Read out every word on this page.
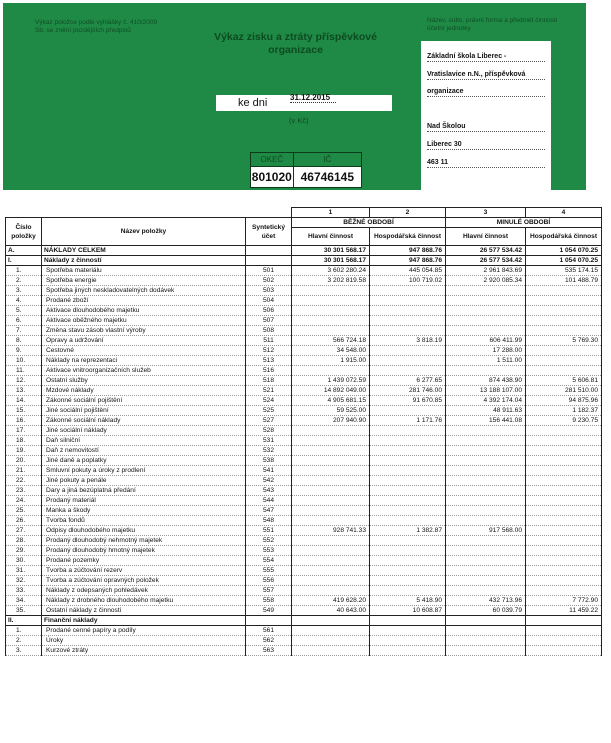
Výkaz položce podle vyhlášky č. 410/2009 Sb. se znění pozdějších předpisů
Výkaz zisku a ztráty příspěvkové organizace
ke dni	31.12.2015
(v Kč)
OKEČ	IČ
801020 46746145
Název, sídlo, právní forma a předmět činnosti účetní jednotky
Základní škola Liberec -
Vratislavice n.N., příspěvková
organizace
Nad Školou
Liberec 30
463 11
			1	2	3	4
Číslo položky	Název položky	Syntetický účet	BĚŽNÉ OBDOBÍ		MINULÉ OBDOBÍ	
			Hlavní činnost	Hospodářská činnost	Hlavní činnost	Hospodářská činnost
A.	NÁKLADY CELKEM		30 301 568.17	947 868.76	26 577 534.42	1 054 070.25
I.	Náklady z činností		30 301 568.17	947 868.76	26 577 534.42	1 054 070.25
1.	Spotřeba materiálu	501	3 602 280.24	445 054.85	2 961 843.69	535 174.15
2.	Spotřeba energie	502	3 202 819.58	100 719.02	2 920 085.34	101 488.79
3.	Spotřeba jiných neskladovatelných dodávek	503				
4.	Prodané zboží	504				
5.	Aktivace dlouhodobého majetku	506				
6.	Aktivace oběžného majetku	507				
7.	Změna stavu zásob vlastní výroby	508				
8.	Opravy a udržování	511	566 724.18	3 818.19	606 411.99	5 769.30
9.	Cestovné	512	34 548.00		17 288.00	
10.	Náklady na reprezentaci	513	1 915.00		1 511.00	
11.	Aktivace vnitroorganizačních služeb	516				
12.	Ostatní služby	518	1 439 072.59	6 277.65	874 438.90	5 606.81
13.	Mzdové náklady	521	14 892 049.00	281 746.00	13 188 107.00	281 510.00
14.	Zákonné sociální pojištění	524	4 905 681.15	91 670.85	4 392 174.04	94 875.96
15.	Jiné sociální pojištění	525	59 525.00		48 911.63	1 182.37
16.	Zákonné sociální náklady	527	207 940.90	1 171.76	156 441.08	9 230.75
17.	Jiné sociální náklady	528				
18.	Daň silniční	531				
19.	Daň z nemovitostí	532				
20.	Jiné daně a poplatky	538				
21.	Smluvní pokuty a úroky z prodlení	541				
22.	Jiné pokuty a penále	542				
23.	Dary a jiná bezúplatná předání	543				
24.	Prodaný materiál	544				
25.	Manka a škody	547				
26.	Tvorba fondů	548				
27.	Odpisy dlouhodobého majetku	551	928 741.33	1 382.87	917 568.00	
28.	Prodaný dlouhodobý nehmotný majetek	552				
29.	Prodaný dlouhodobý hmotný majetek	553				
30.	Prodané pozemky	554				
31.	Tvorba a zúčtování rezerv	555				
32.	Tvorba a zúčtování opravných položek	556				
33.	Náklady z odepsaných pohledávek	557				
34.	Náklady z drobného dlouhodobého majetku	558	419 628.20	5 418.90	432 713.96	7 772.90
35.	Ostatní náklady z činnosti	549	40 643.00	10 608.87	60 039.79	11 459.22
II.	Finanční náklady					
1.	Prodané cenné papíry a podíly	561				
2.	Úroky	562				
3.	Kurzové ztráty	563				
